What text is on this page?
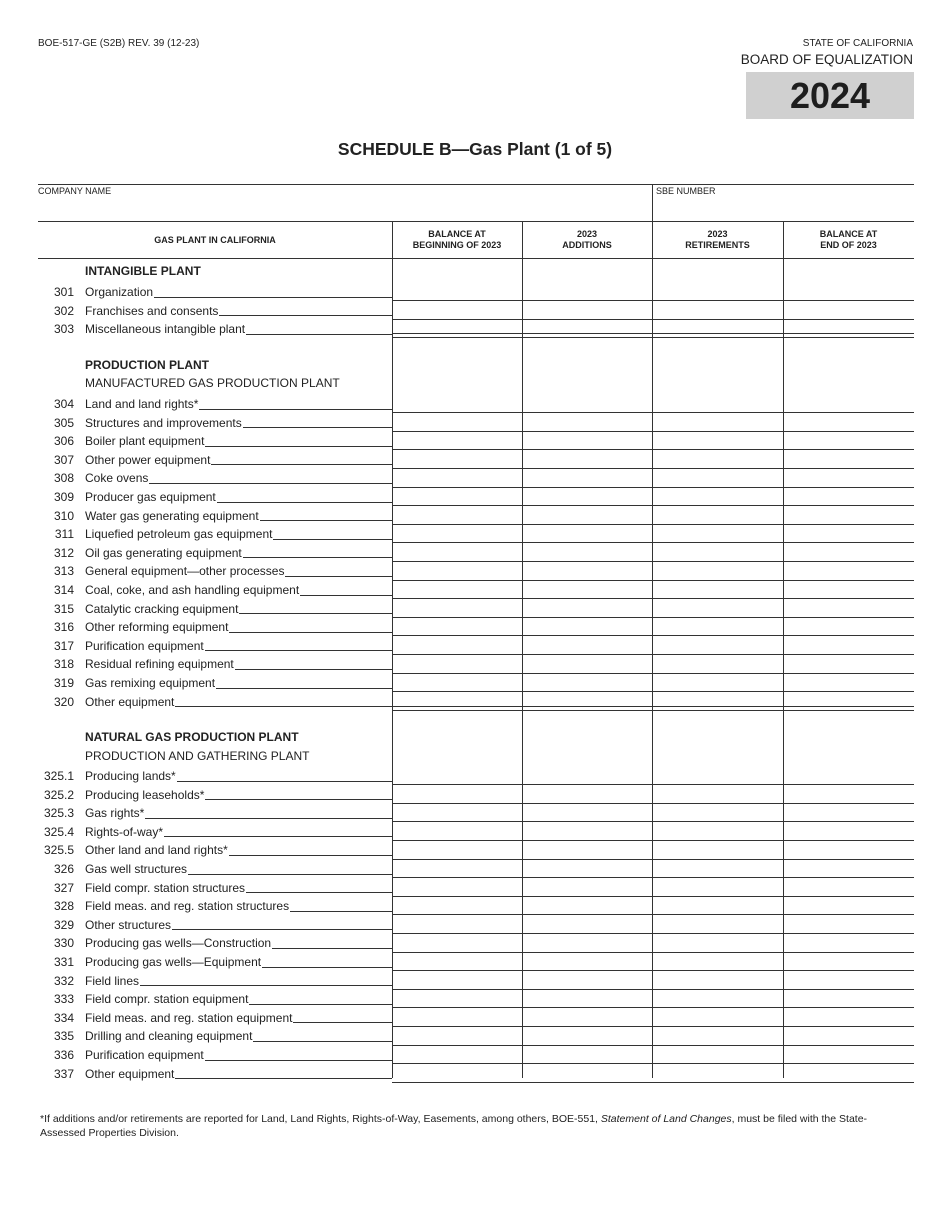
BOE-517-GE (S2B) REV. 39 (12-23)	STATE OF CALIFORNIA
BOARD OF EQUALIZATION
2024
SCHEDULE B—Gas Plant (1 of 5)
COMPANY NAME	SBE NUMBER
GAS PLANT IN CALIFORNIA
BALANCE AT
BEGINNING OF 2023
2023
ADDITIONS
2023
RETIREMENTS
BALANCE AT
END OF 2023
INTANGIBLE PLANT
PRODUCTION PLANT
MANUFACTURED GAS PRODUCTION PLANT
NATURAL GAS PRODUCTION PLANT
PRODUCTION AND GATHERING PLANT
301 Organization
302 Franchises and consents
303 Miscellaneous intangible plant
304 Land and land rights*
305 Structures and improvements
306 Boiler plant equipment
307 Other power equipment
308 Coke ovens
309 Producer gas equipment
310 Water gas generating equipment
311 Liquefied petroleum gas equipment
312 Oil gas generating equipment
313 General equipment—other processes
314 Coal, coke, and ash handling equipment
315 Catalytic cracking equipment
316 Other reforming equipment
317 Purification equipment
318 Residual refining equipment
319 Gas remixing equipment
320 Other equipment
325.1 Producing lands*
325.2 Producing leaseholds*
325.3 Gas rights*
325.4 Rights-of-way*
325.5 Other land and land rights*
326 Gas well structures
327 Field compr. station structures
328 Field meas. and reg. station structures
329 Other structures
330 Producing gas wells—Construction
331 Producing gas wells—Equipment
332 Field lines
333 Field compr. station equipment
334 Field meas. and reg. station equipment
335 Drilling and cleaning equipment
336 Purification equipment
337 Other equipment
*If additions and/or retirements are reported for Land, Land Rights, Rights-of-Way, Easements, among others, BOE-551, Statement of Land Changes, must be filed with the State-Assessed Properties Division.
